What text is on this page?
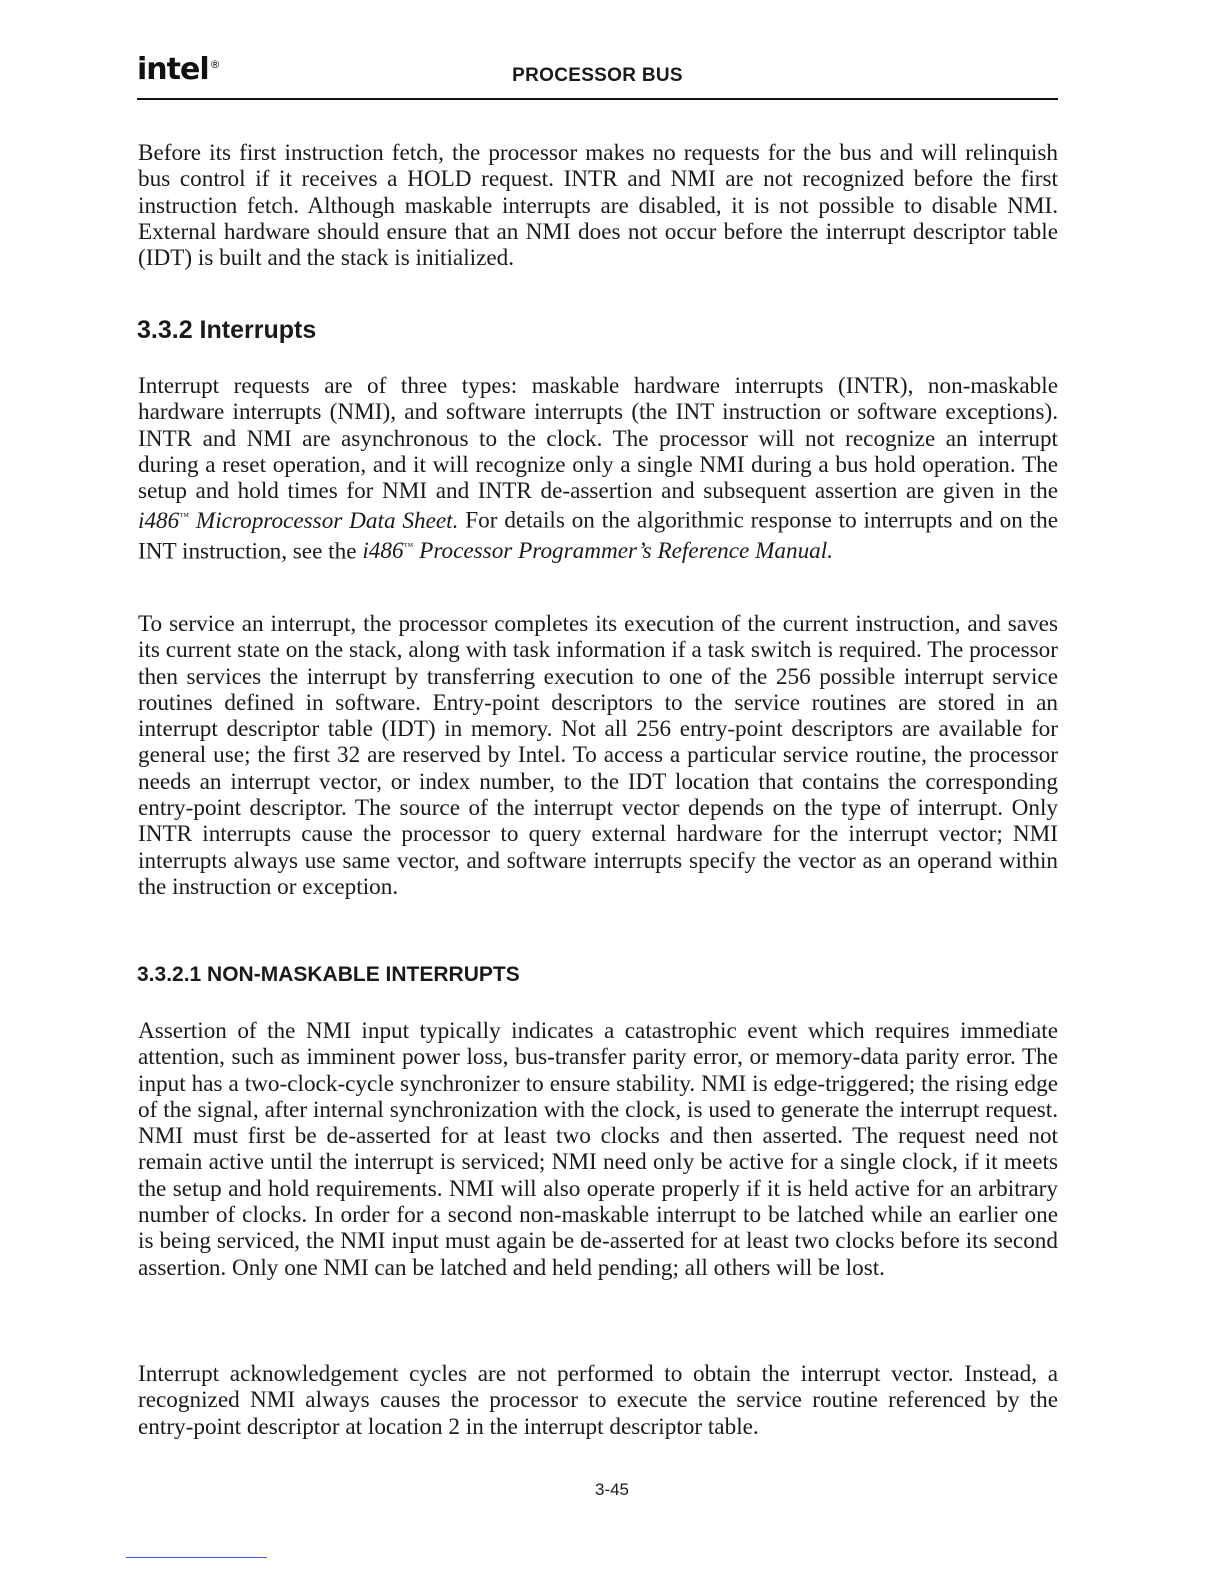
intel®
PROCESSOR BUS

Before its first instruction fetch, the processor makes no requests for the bus and will relinquish bus control if it receives a HOLD request. INTR and NMI are not recognized before the first instruction fetch. Although maskable interrupts are disabled, it is not possible to disable NMI. External hardware should ensure that an NMI does not occur before the interrupt descriptor table (IDT) is built and the stack is initialized.

3.3.2 Interrupts

Interrupt requests are of three types: maskable hardware interrupts (INTR), non-maskable hardware interrupts (NMI), and software interrupts (the INT instruction or software exceptions). INTR and NMI are asynchronous to the clock. The processor will not recognize an interrupt during a reset operation, and it will recognize only a single NMI during a bus hold operation. The setup and hold times for NMI and INTR de-assertion and subsequent assertion are given in the i486™ Microprocessor Data Sheet. For details on the algorithmic response to interrupts and on the INT instruction, see the i486™ Processor Programmer’s Reference Manual.

To service an interrupt, the processor completes its execution of the current instruction, and saves its current state on the stack, along with task information if a task switch is required. The processor then services the interrupt by transferring execution to one of the 256 possible interrupt service routines defined in software. Entry-point descriptors to the service routines are stored in an interrupt descriptor table (IDT) in memory. Not all 256 entry-point descriptors are available for general use; the first 32 are reserved by Intel. To access a particular service routine, the processor needs an interrupt vector, or index number, to the IDT location that contains the corresponding entry-point descriptor. The source of the interrupt vector depends on the type of interrupt. Only INTR interrupts cause the processor to query external hardware for the interrupt vector; NMI interrupts always use same vector, and software interrupts specify the vector as an operand within the instruction or exception.

3.3.2.1 NON-MASKABLE INTERRUPTS

Assertion of the NMI input typically indicates a catastrophic event which requires immediate attention, such as imminent power loss, bus-transfer parity error, or memory-data parity error. The input has a two-clock-cycle synchronizer to ensure stability. NMI is edge-triggered; the rising edge of the signal, after internal synchronization with the clock, is used to generate the interrupt request. NMI must first be de-asserted for at least two clocks and then asserted. The request need not remain active until the interrupt is serviced; NMI need only be active for a single clock, if it meets the setup and hold requirements. NMI will also operate properly if it is held active for an arbitrary number of clocks. In order for a second non-maskable interrupt to be latched while an earlier one is being serviced, the NMI input must again be de-asserted for at least two clocks before its second assertion. Only one NMI can be latched and held pending; all others will be lost.

Interrupt acknowledgement cycles are not performed to obtain the interrupt vector. Instead, a recognized NMI always causes the processor to execute the service routine referenced by the entry-point descriptor at location 2 in the interrupt descriptor table.

3-45
